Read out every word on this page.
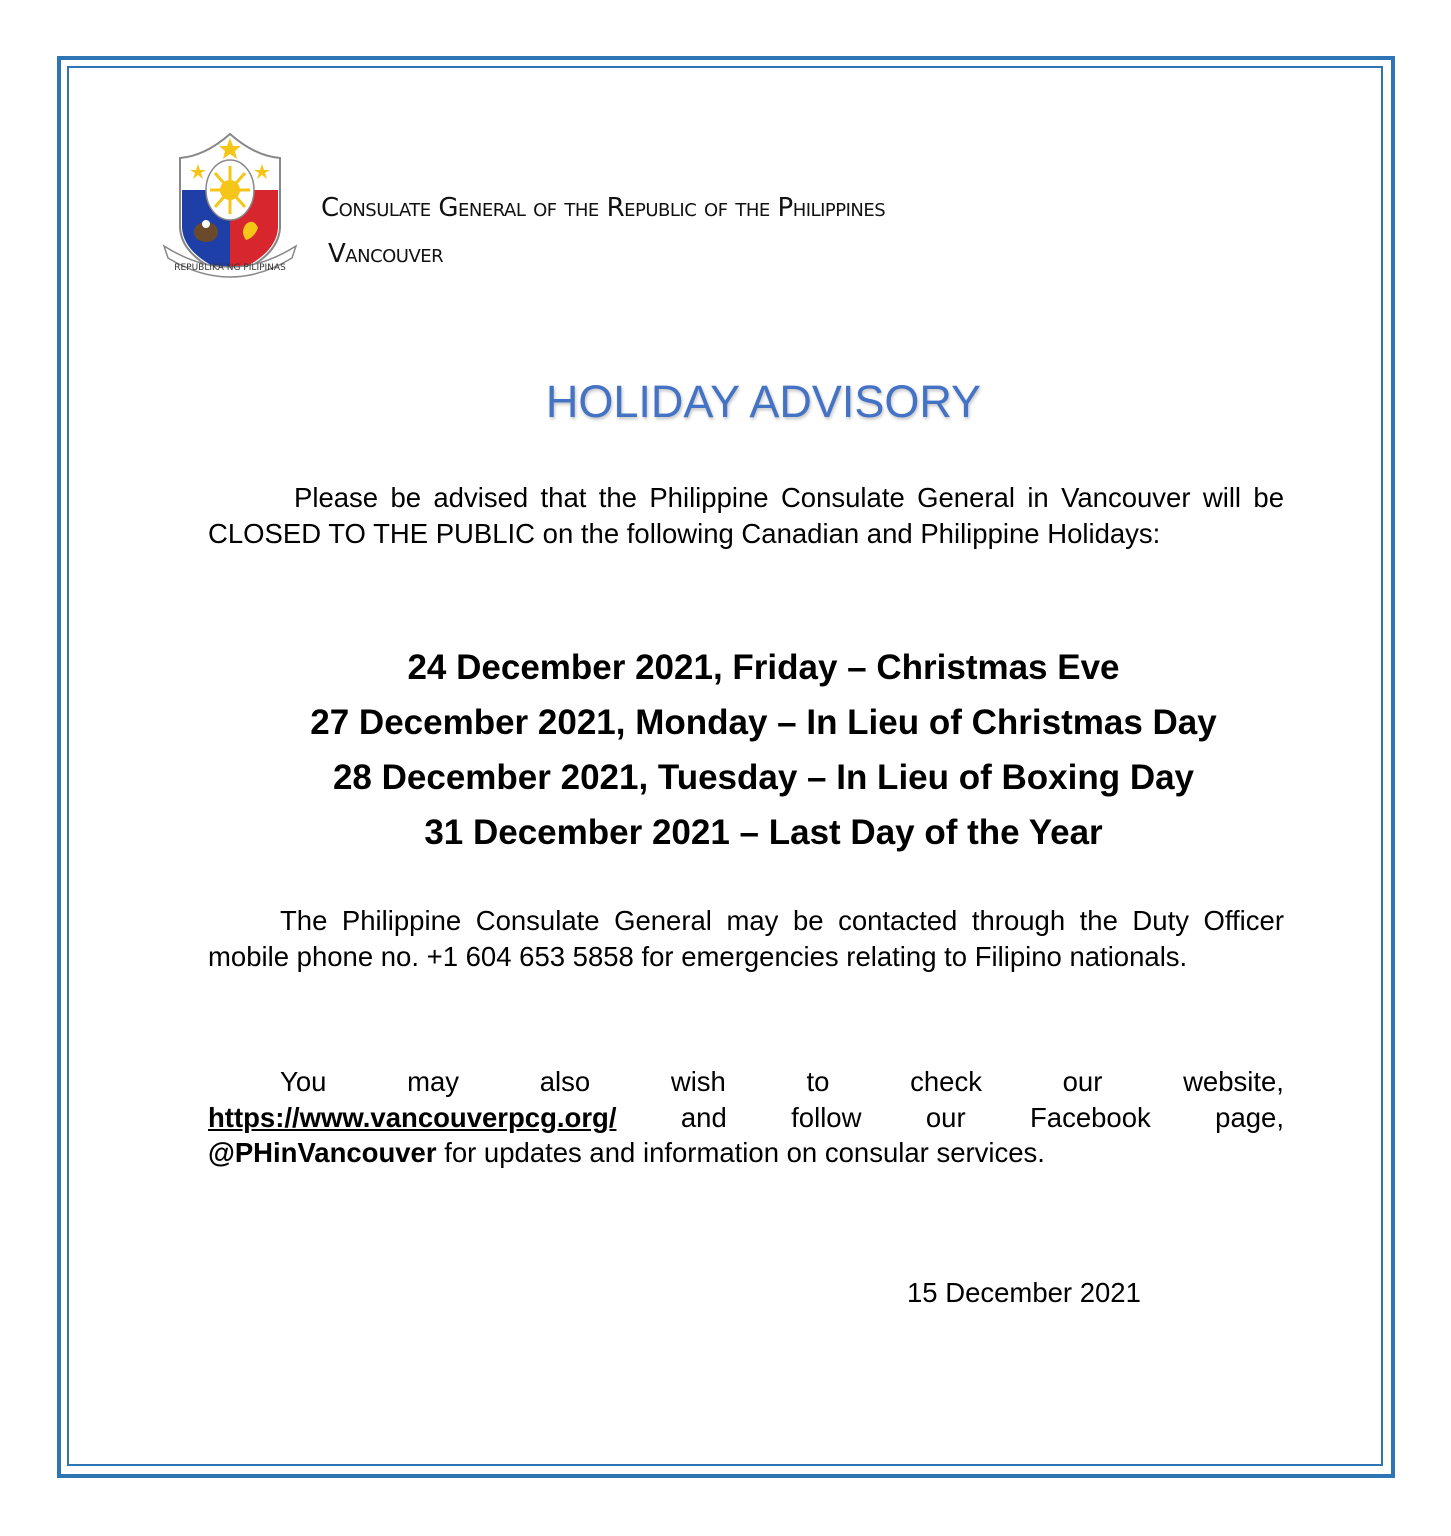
REPUBLIKA NG PILIPINAS
Consulate General of the Republic of the Philippines
Vancouver
HOLIDAY ADVISORY
Please be advised that the Philippine Consulate General in Vancouver will be CLOSED TO THE PUBLIC on the following Canadian and Philippine Holidays:
24 December 2021, Friday – Christmas Eve
27 December 2021, Monday – In Lieu of Christmas Day
28 December 2021, Tuesday – In Lieu of Boxing Day
31 December 2021 – Last Day of the Year
The Philippine Consulate General may be contacted through the Duty Officer mobile phone no. +1 604 653 5858 for emergencies relating to Filipino nationals.
You	may	also	wish	to	check	our	website,
https://www.vancouverpcg.org/ and follow our Facebook page,
@PHinVancouver for updates and information on consular services.
15 December 2021
